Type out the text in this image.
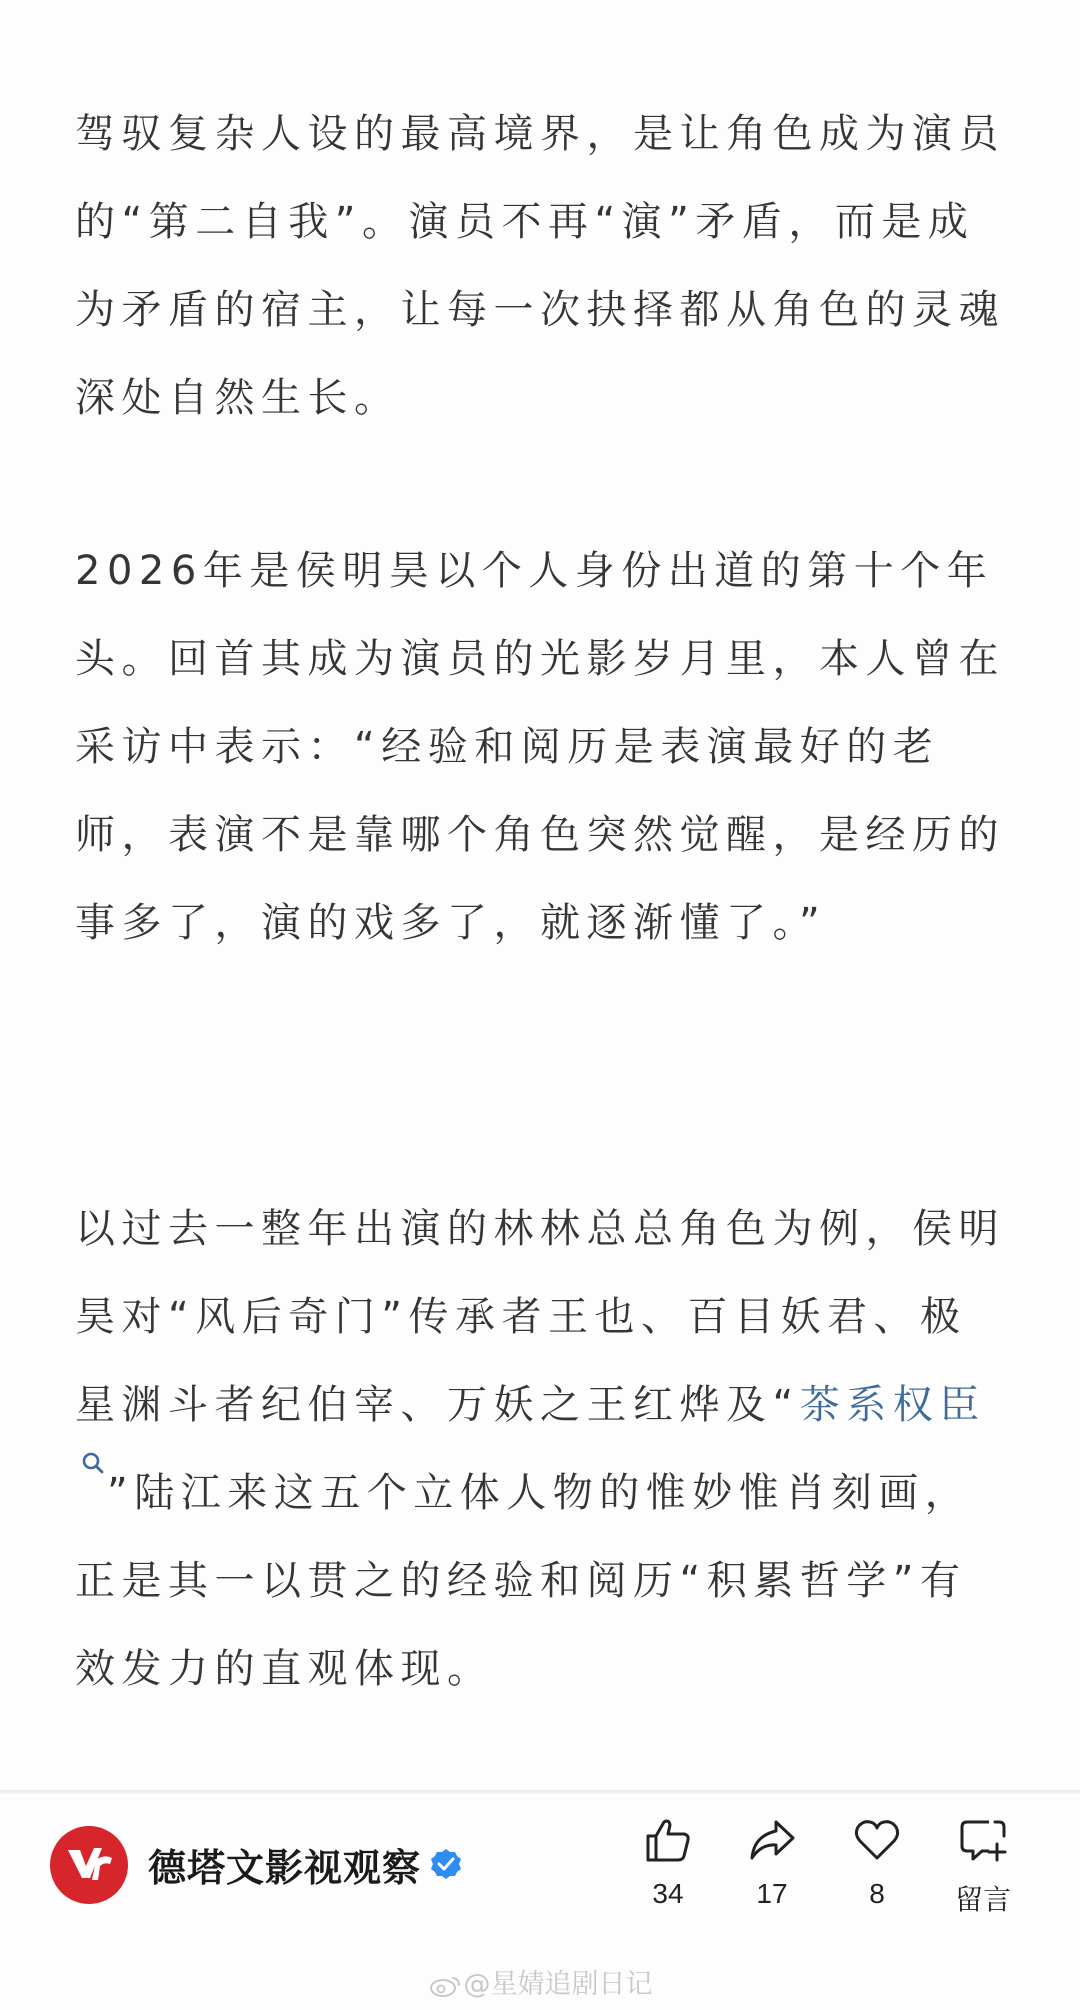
驾驭复杂人设的最高境界，是让角色成为演员的“第二自我”。演员不再“演”矛盾，而是成为矛盾的宿主，让每一次抉择都从角色的灵魂深处自然生长。

2026年是侯明昊以个人身份出道的第十个年头。回首其成为演员的光影岁月里，本人曾在采访中表示：“经验和阅历是表演最好的老师，表演不是靠哪个角色突然觉醒，是经历的事多了，演的戏多了，就逐渐懂了。”

以过去一整年出演的林林总总角色为例，侯明昊对“风后奇门”传承者王也、百目妖君、极星渊斗者纪伯宰、万妖之王红烨及“茶系权臣”陆江来这五个立体人物的惟妙惟肖刻画，正是其一以贯之的经验和阅历“积累哲学”有效发力的直观体现。

德塔文影视观察
34	17	8	留言
@星婧追剧日记
